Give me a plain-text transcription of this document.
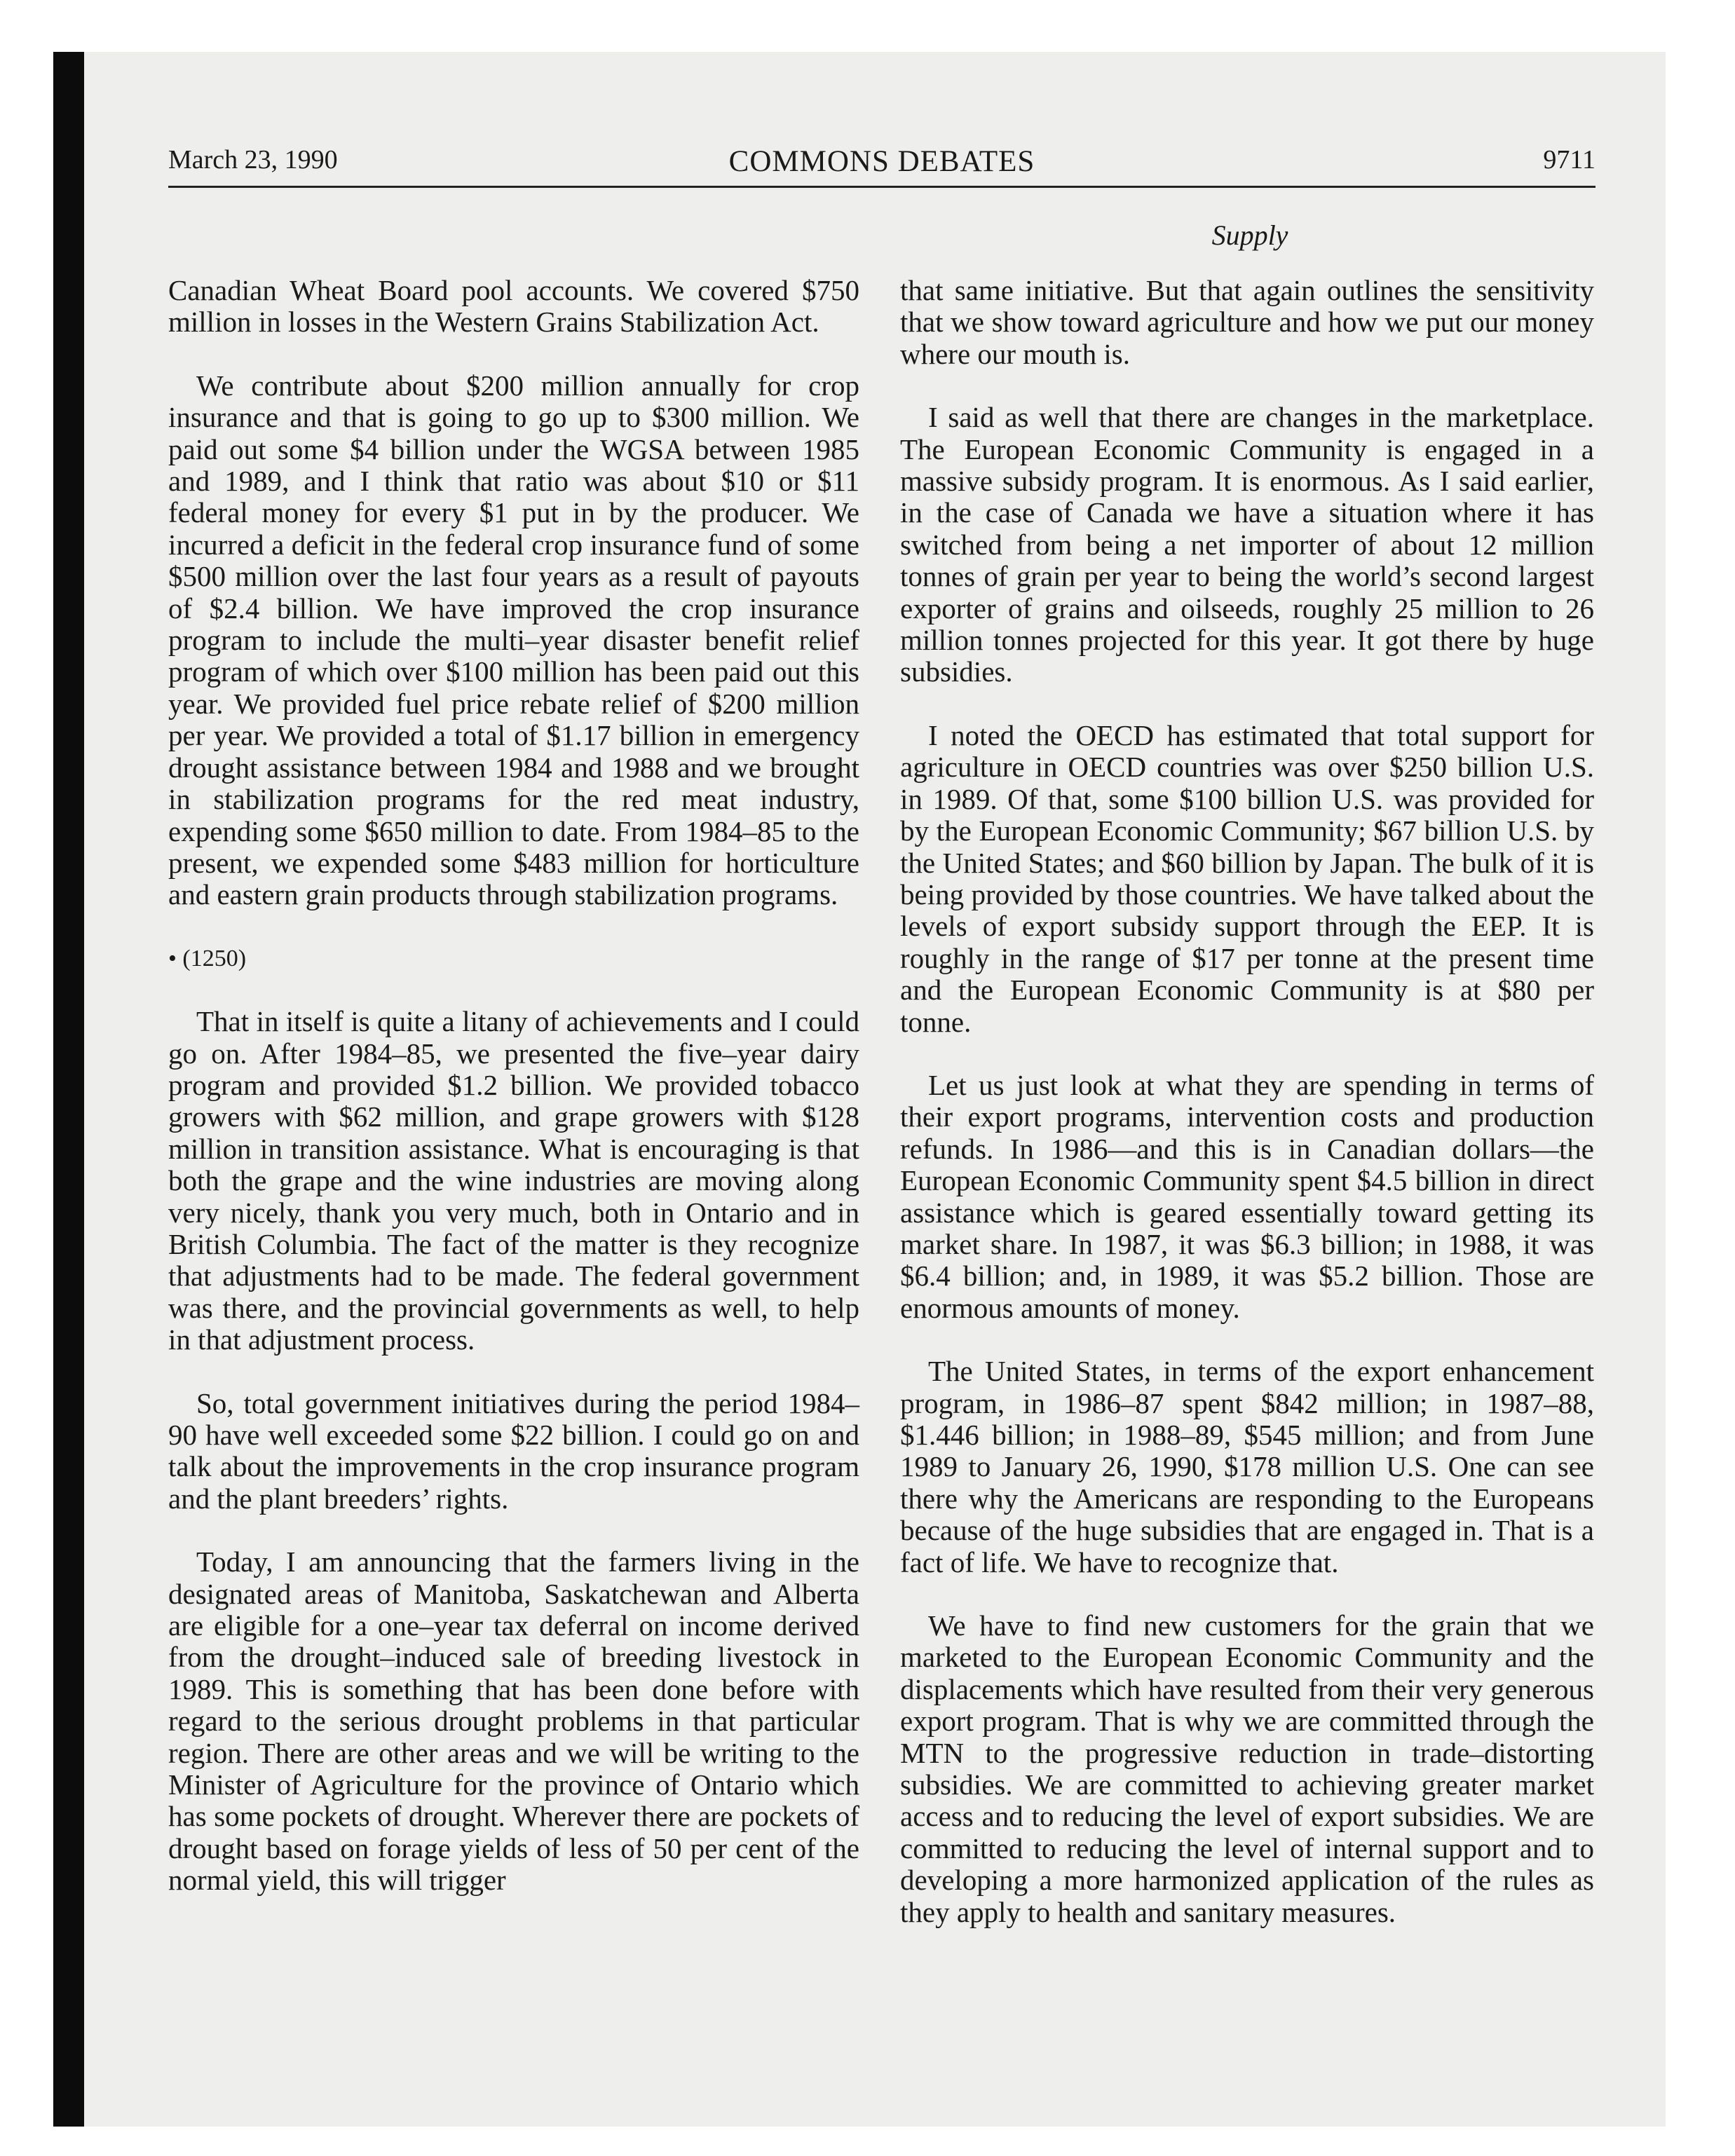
March 23, 1990	COMMONS DEBATES	9711
Supply

Canadian Wheat Board pool accounts. We covered $750 million in losses in the Western Grains Stabilization Act.

We contribute about $200 million annually for crop insurance and that is going to go up to $300 million. We paid out some $4 billion under the WGSA between 1985 and 1989, and I think that ratio was about $10 or $11 federal money for every $1 put in by the producer. We incurred a deficit in the federal crop insurance fund of some $500 million over the last four years as a result of payouts of $2.4 billion. We have improved the crop insurance program to include the multi–year disaster benefit relief program of which over $100 million has been paid out this year. We provided fuel price rebate relief of $200 million per year. We provided a total of $1.17 billion in emergency drought assistance between 1984 and 1988 and we brought in stabilization programs for the red meat industry, expending some $650 million to date. From 1984–85 to the present, we expended some $483 million for horticulture and eastern grain products through stabilization programs.

• (1250)

That in itself is quite a litany of achievements and I could go on. After 1984–85, we presented the five–year dairy program and provided $1.2 billion. We provided tobacco growers with $62 million, and grape growers with $128 million in transition assistance. What is encouraging is that both the grape and the wine industries are moving along very nicely, thank you very much, both in Ontario and in British Columbia. The fact of the matter is they recognize that adjustments had to be made. The federal government was there, and the provincial governments as well, to help in that adjustment process.

So, total government initiatives during the period 1984–90 have well exceeded some $22 billion. I could go on and talk about the improvements in the crop insurance program and the plant breeders’ rights.

Today, I am announcing that the farmers living in the designated areas of Manitoba, Saskatchewan and Alberta are eligible for a one–year tax deferral on income derived from the drought–induced sale of breeding livestock in 1989. This is something that has been done before with regard to the serious drought problems in that particular region. There are other areas and we will be writing to the Minister of Agriculture for the province of Ontario which has some pockets of drought. Wherever there are pockets of drought based on forage yields of less of 50 per cent of the normal yield, this will trigger

that same initiative. But that again outlines the sensitivity that we show toward agriculture and how we put our money where our mouth is.

I said as well that there are changes in the marketplace. The European Economic Community is engaged in a massive subsidy program. It is enormous. As I said earlier, in the case of Canada we have a situation where it has switched from being a net importer of about 12 million tonnes of grain per year to being the world’s second largest exporter of grains and oilseeds, roughly 25 million to 26 million tonnes projected for this year. It got there by huge subsidies.

I noted the OECD has estimated that total support for agriculture in OECD countries was over $250 billion U.S. in 1989. Of that, some $100 billion U.S. was provided for by the European Economic Community; $67 billion U.S. by the United States; and $60 billion by Japan. The bulk of it is being provided by those countries. We have talked about the levels of export subsidy support through the EEP. It is roughly in the range of $17 per tonne at the present time and the European Economic Community is at $80 per tonne.

Let us just look at what they are spending in terms of their export programs, intervention costs and production refunds. In 1986—and this is in Canadian dollars—the European Economic Community spent $4.5 billion in direct assistance which is geared essentially toward getting its market share. In 1987, it was $6.3 billion; in 1988, it was $6.4 billion; and, in 1989, it was $5.2 billion. Those are enormous amounts of money.

The United States, in terms of the export enhancement program, in 1986–87 spent $842 million; in 1987–88, $1.446 billion; in 1988–89, $545 million; and from June 1989 to January 26, 1990, $178 million U.S. One can see there why the Americans are responding to the Europeans because of the huge subsidies that are engaged in. That is a fact of life. We have to recognize that.

We have to find new customers for the grain that we marketed to the European Economic Community and the displacements which have resulted from their very generous export program. That is why we are committed through the MTN to the progressive reduction in trade–distorting subsidies. We are committed to achieving greater market access and to reducing the level of export subsidies. We are committed to reducing the level of internal support and to developing a more harmonized application of the rules as they apply to health and sanitary measures.
